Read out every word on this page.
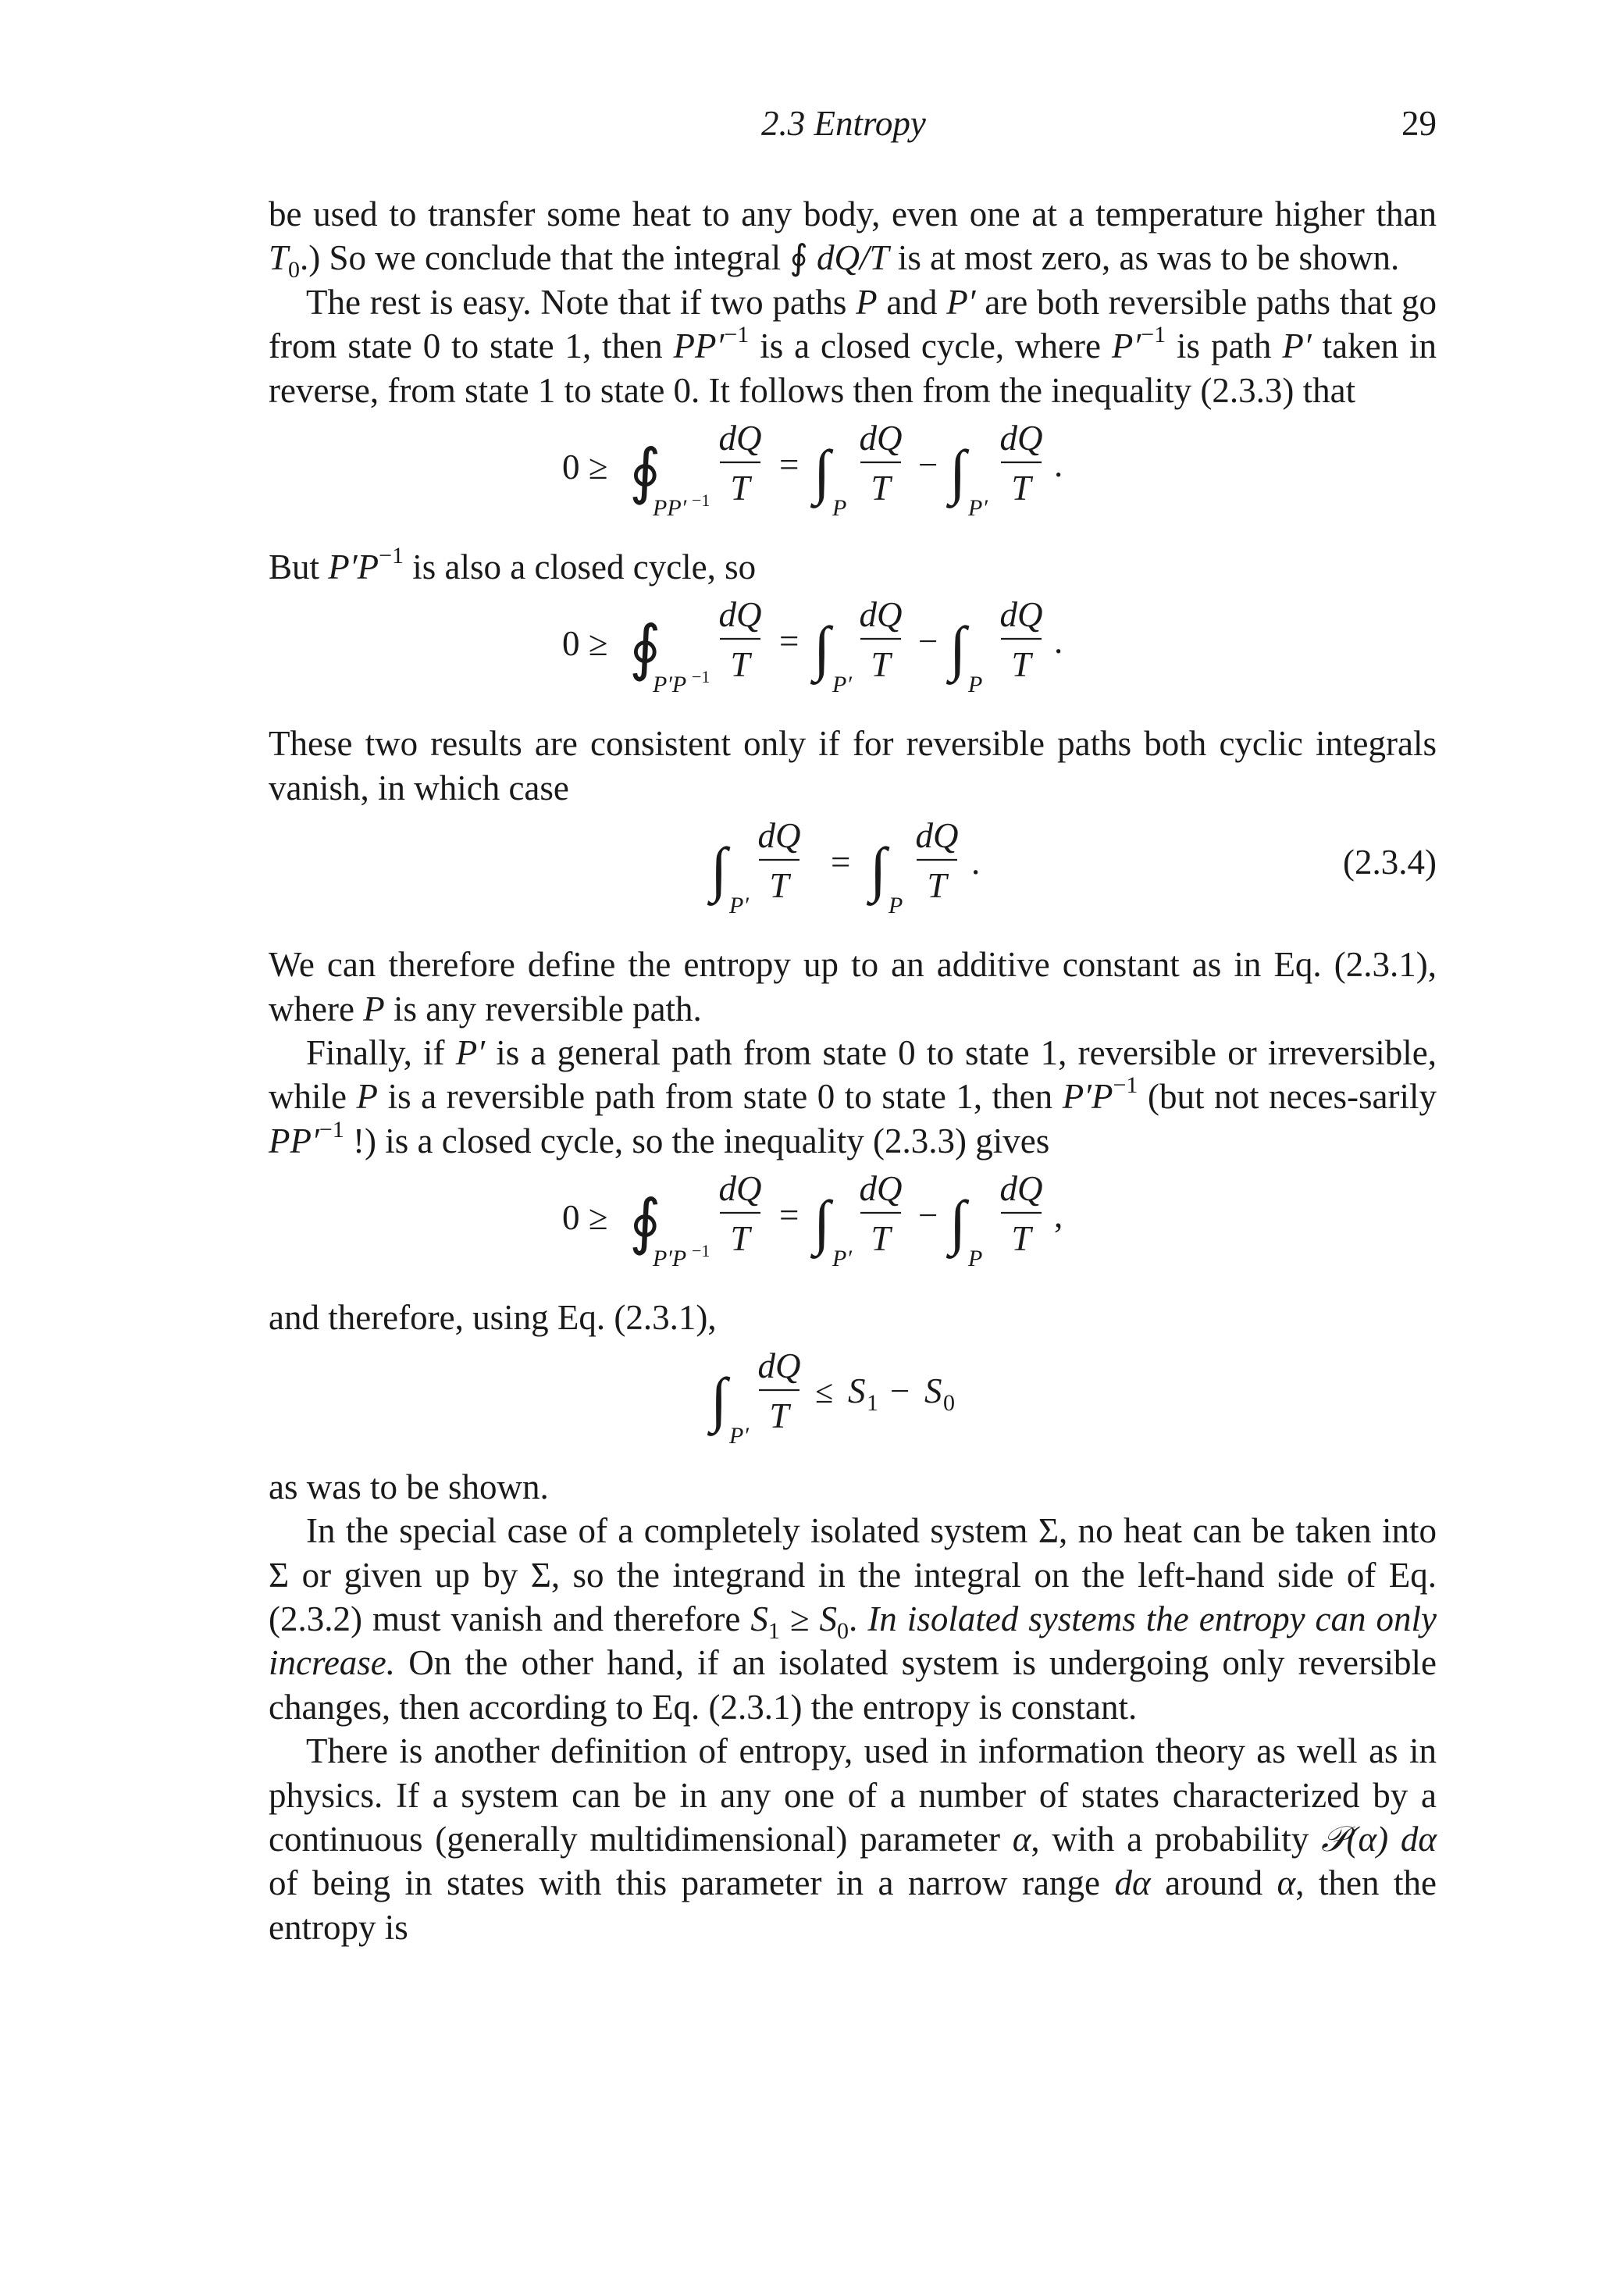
2.3 Entropy	29

be used to transfer some heat to any body, even one at a temperature higher than $T_0$.) So we conclude that the integral ∮ dQ/T is at most zero, as was to be shown.

The rest is easy. Note that if two paths P and P′ are both reversible paths that go from state 0 to state 1, then $PP'^{-1}$ is a closed cycle, where $P'^{-1}$ is path P′ taken in reverse, from state 1 to state 0. It follows then from the inequality (2.3.3) that

0 ≥ ∮
PP′ −1
dQ
T
= ∫
P
dQ
T
− ∫
P′
dQ
T
.

But $P'P^{-1}$ is also a closed cycle, so

0 ≥ ∮
P′P −1
dQ
T
= ∫
P′
dQ
T
− ∫
P
dQ
T
.

These two results are consistent only if for reversible paths both cyclic integrals vanish, in which case

∫
P′
dQ
T
= ∫
P
dQ
T
.	(2.3.4)

We can therefore define the entropy up to an additive constant as in Eq. (2.3.1), where P is any reversible path.

Finally, if P′ is a general path from state 0 to state 1, reversible or irreversible, while P is a reversible path from state 0 to state 1, then $P'P^{-1}$ (but not neces-sarily $PP'^{-1}$ !) is a closed cycle, so the inequality (2.3.3) gives

0 ≥ ∮
P′P −1
dQ
T
= ∫
P′
dQ
T
− ∫
P
dQ
T
,

and therefore, using Eq. (2.3.1),

∫
P′
dQ
T
≤ S 1 − S 0

as was to be shown.

In the special case of a completely isolated system Σ, no heat can be taken into Σ or given up by Σ, so the integrand in the integral on the left-hand side of Eq. (2.3.2) must vanish and therefore $S_1 \ge S_0$. In isolated systems the entropy can only increase. On the other hand, if an isolated system is undergoing only reversible changes, then according to Eq. (2.3.1) the entropy is constant.

There is another definition of entropy, used in information theory as well as in physics. If a system can be in any one of a number of states characterized by a continuous (generally multidimensional) parameter α, with a probability 𝒫(α) dα of being in states with this parameter in a narrow range dα around α, then the entropy is
